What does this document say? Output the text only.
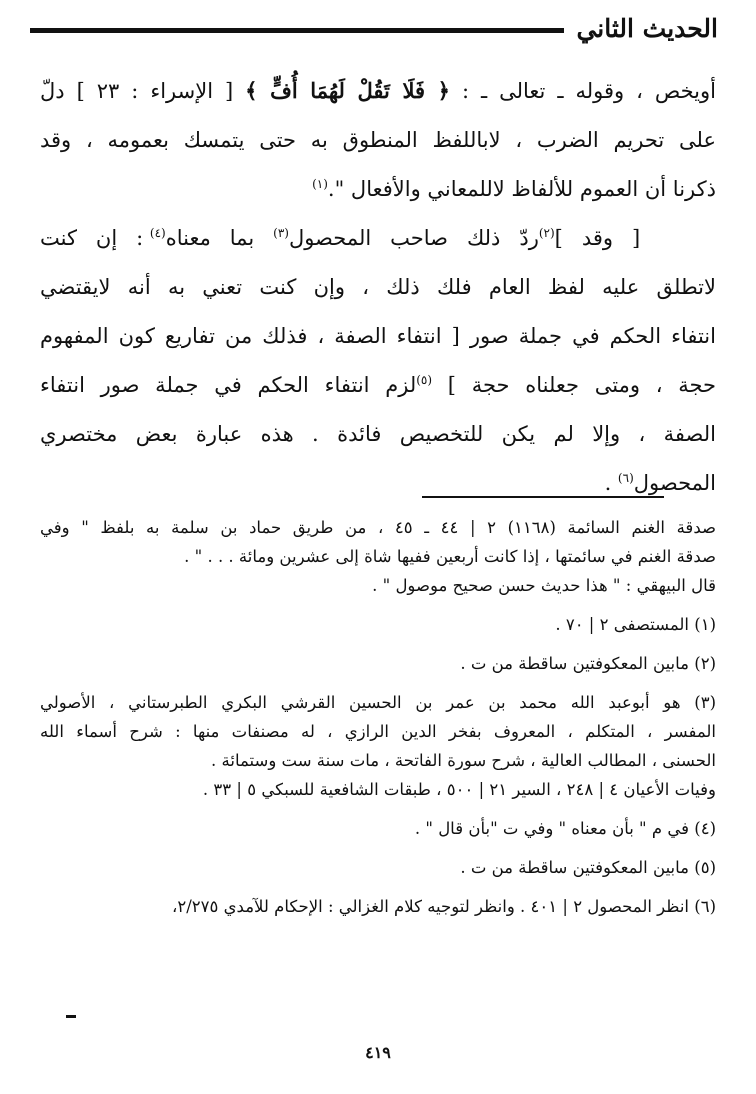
الحديث الثاني

أويخص ، وقوله ـ تعالى ـ : ﴿ فَلَا تَقُلْ لَهُمَا أُفٍّ ﴾ [ الإسراء : ٢٣ ] دلّ

على تحريم الضرب ، لاباللفظ المنطوق به حتى يتمسك بعمومه ، وقد

ذكرنا أن العموم للألفاظ لاللمعاني والأفعال ".$^{(١)}$

[ وقد ]$^{(٢)}$ردّ ذلك صاحب المحصول$^{(٣)}$ بما معناه$^{(٤)}$ : إن كنت

لاتطلق عليه لفظ العام فلك ذلك ، وإن كنت تعني به أنه لايقتضي

انتفاء الحكم في جملة صور [ انتفاء الصفة ، فذلك من تفاريع كون المفهوم

حجة ، ومتى جعلناه حجة ] $^{(٥)}$لزم انتفاء الحكم في جملة صور انتفاء

الصفة ، وإلا لم يكن للتخصيص فائدة . هذه عبارة بعض مختصري

المحصول$^{(٦)}$ .

صدقة الغنم السائمة (١١٦٨) ٢ | ٤٤ ـ ٤٥ ، من طريق حماد بن سلمة به بلفظ " وفي

صدقة الغنم في سائمتها ، إذا كانت أربعين ففيها شاة إلى عشرين ومائة . . . " .

قال البيهقي : " هذا حديث حسن صحيح موصول " .

(١) المستصفى ٢ | ٧٠ .

(٢) مابين المعكوفتين ساقطة من ت .

(٣) هو أبوعبد الله محمد بن عمر بن الحسين القرشي البكري الطبرستاني ، الأصولي

المفسر ، المتكلم ، المعروف بفخر الدين الرازي ، له مصنفات منها : شرح أسماء الله

الحسنى ، المطالب العالية ، شرح سورة الفاتحة ، مات سنة ست وستمائة .

وفيات الأعيان ٤ | ٢٤٨ ، السير ٢١ | ٥٠٠ ، طبقات الشافعية للسبكي ٥ | ٣٣ .

(٤) في م " بأن معناه " وفي ت "بأن قال " .

(٥) مابين المعكوفتين ساقطة من ت .

(٦) انظر المحصول ٢ | ٤٠١ . وانظر لتوجيه كلام الغزالي : الإحكام للآمدي ٢/٢٧٥،

٤١٩
